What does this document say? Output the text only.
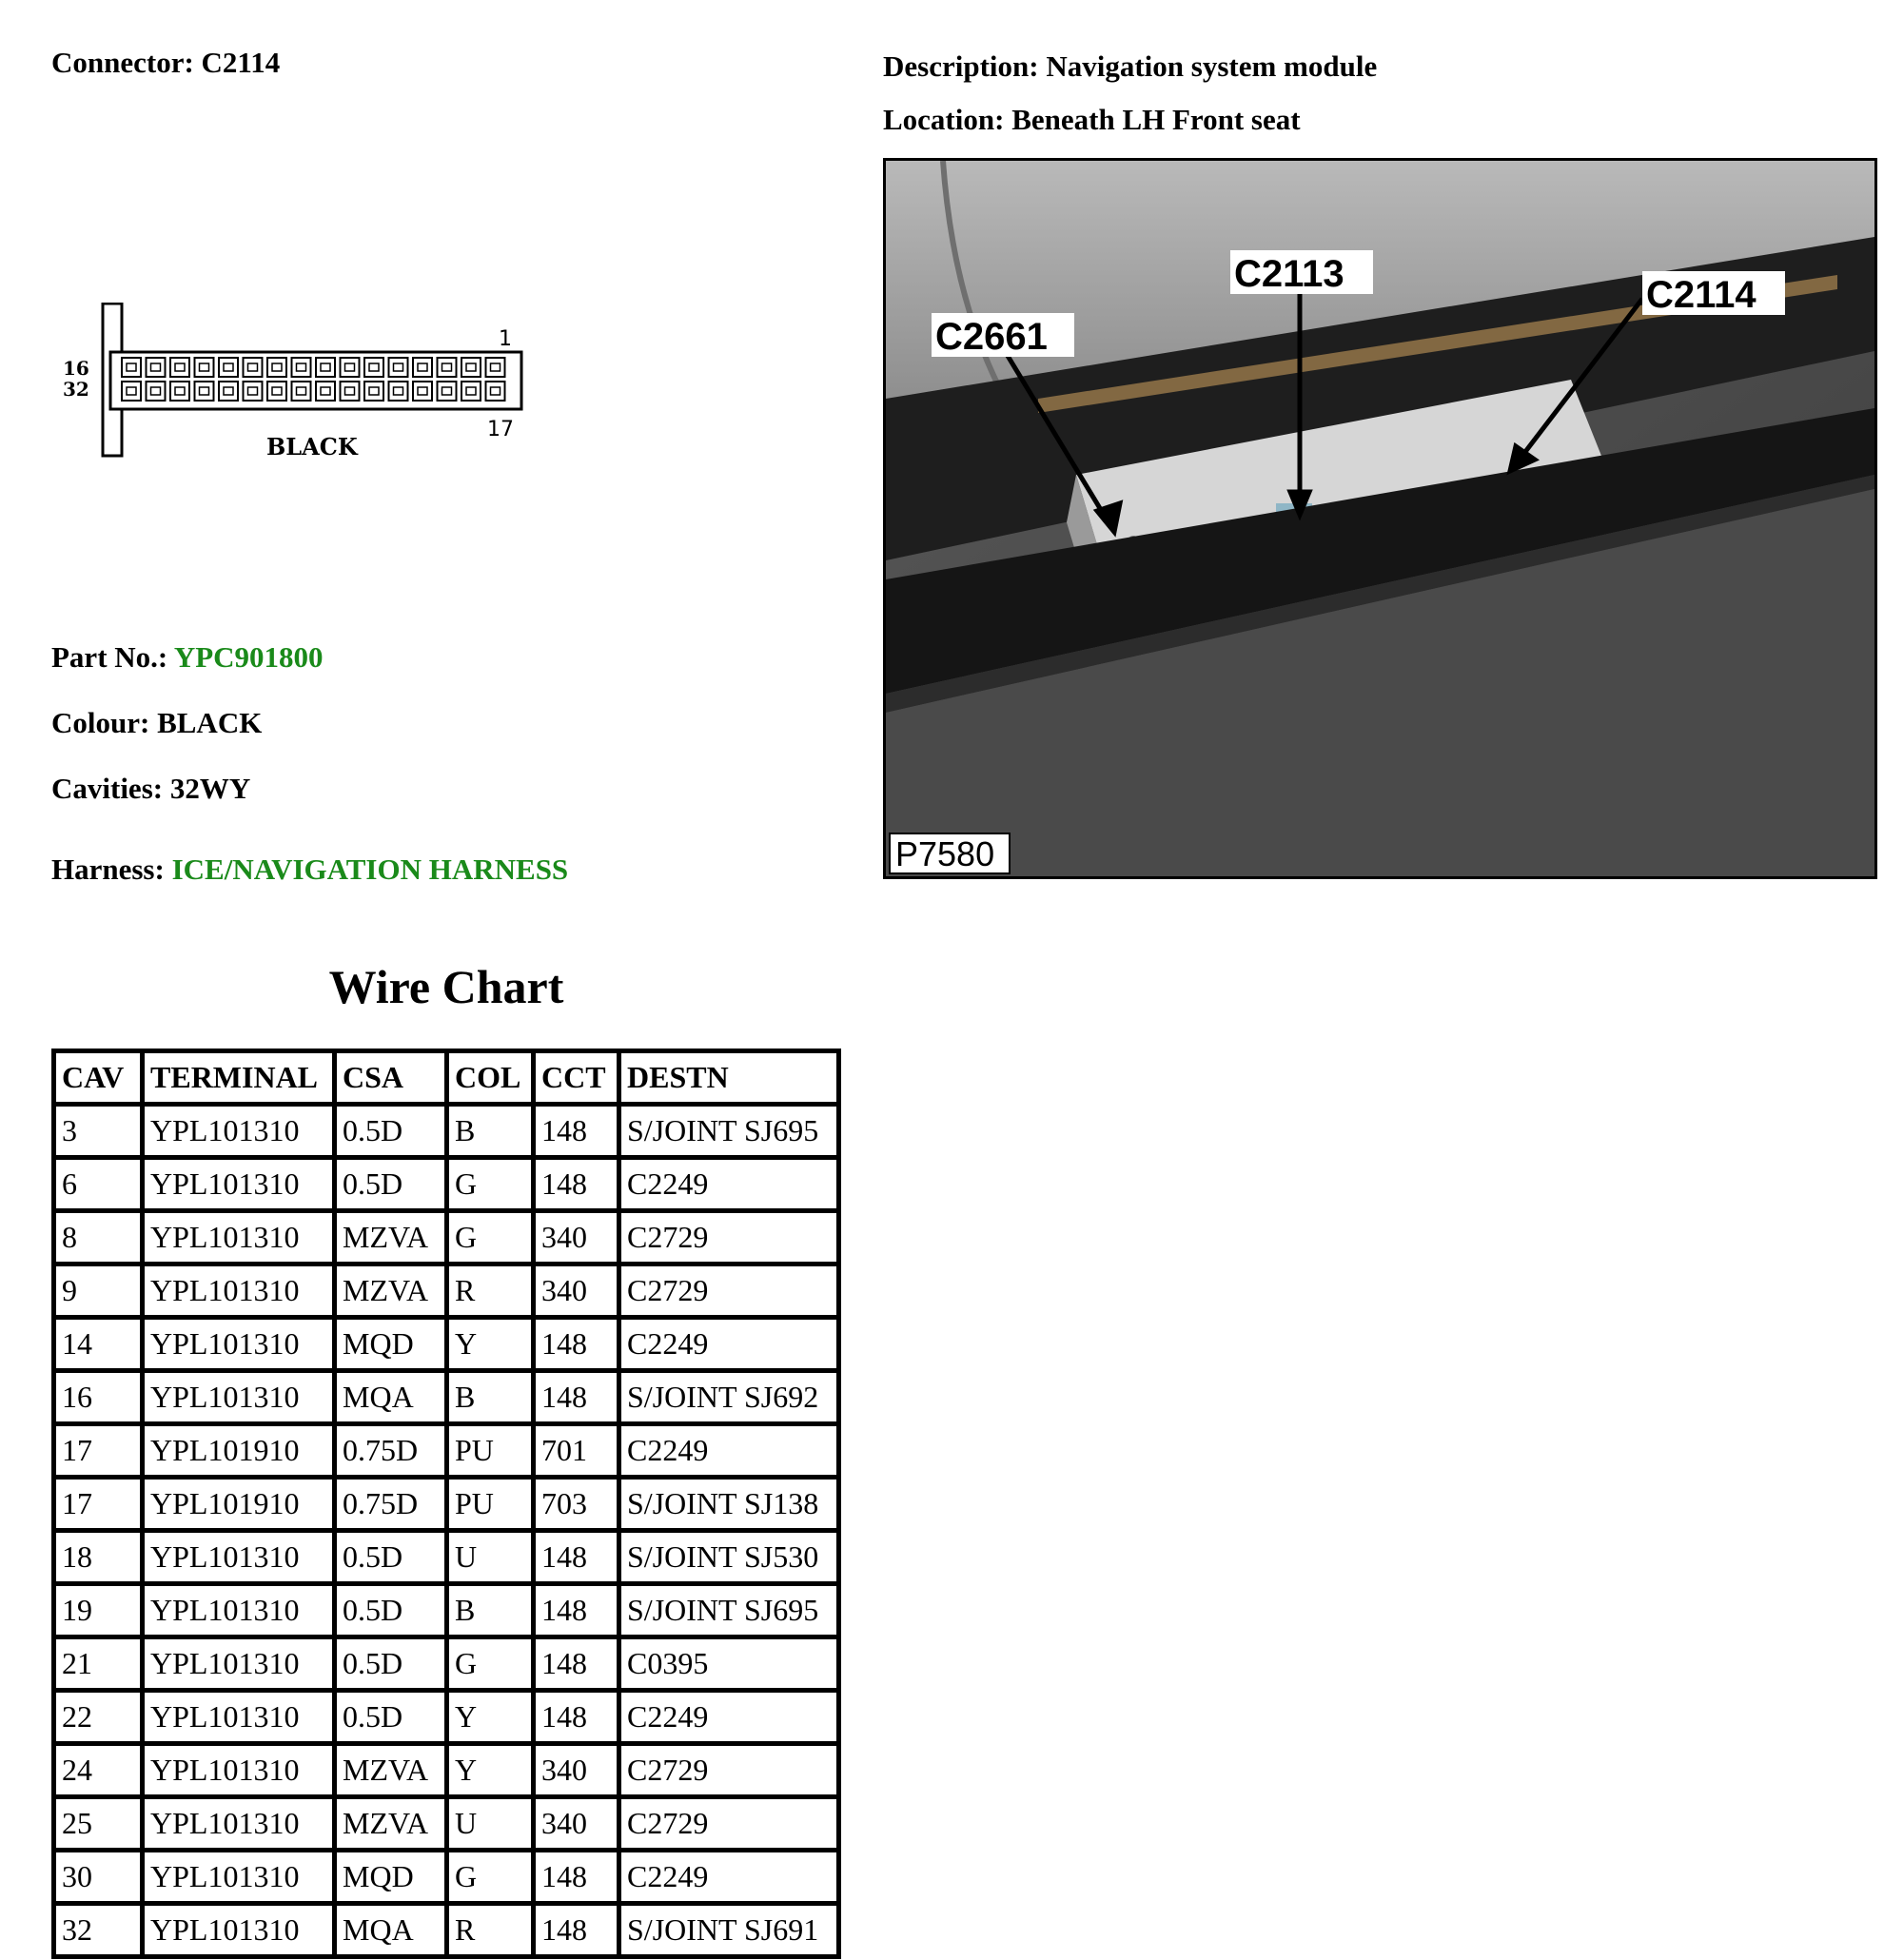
Connector: C2114	Description: Navigation system module
Location: Beneath LH Front seat
1
17
16
32
BLACK
Part No.: YPC901800
Colour: BLACK
Cavities: 32WY
Harness: ICE/NAVIGATION HARNESS
C2661
C2113	C2114
P7580
Wire Chart
CAV	TERMINAL	CSA	COL	CCT	DESTN
3	YPL101310	0.5D	B	148	S/JOINT SJ695
6	YPL101310	0.5D	G	148	C2249
8	YPL101310	MZVA	G	340	C2729
9	YPL101310	MZVA	R	340	C2729
14	YPL101310	MQD	Y	148	C2249
16	YPL101310	MQA	B	148	S/JOINT SJ692
17	YPL101910	0.75D	PU	701	C2249
17	YPL101910	0.75D	PU	703	S/JOINT SJ138
18	YPL101310	0.5D	U	148	S/JOINT SJ530
19	YPL101310	0.5D	B	148	S/JOINT SJ695
21	YPL101310	0.5D	G	148	C0395
22	YPL101310	0.5D	Y	148	C2249
24	YPL101310	MZVA	Y	340	C2729
25	YPL101310	MZVA	U	340	C2729
30	YPL101310	MQD	G	148	C2249
32	YPL101310	MQA	R	148	S/JOINT SJ691
